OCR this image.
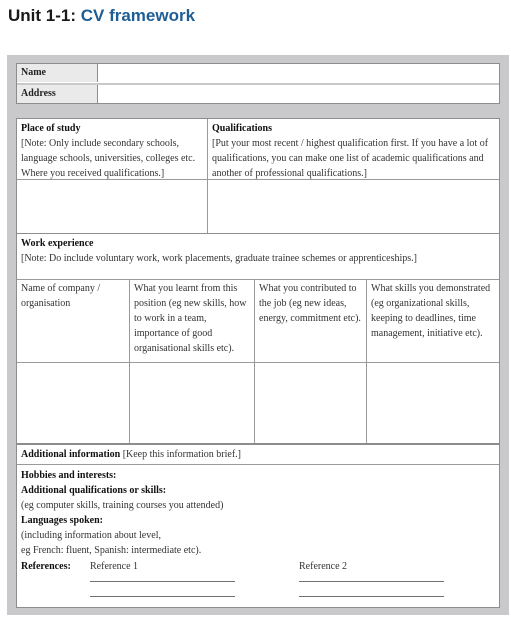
Unit 1-1: CV framework
Name
Address
Place of study
[Note: Only include secondary schools, language schools, universities, colleges etc. Where you received qualifications.]
Qualifications
[Put your most recent / highest qualification first. If you have a lot of qualifications, you can make one list of academic qualifications and another of professional qualifications.]
Work experience
[Note: Do include voluntary work, work placements, graduate trainee schemes or apprenticeships.]
Name of company / organisation
What you learnt from this position (eg new skills, how to work in a team, importance of good organisational skills etc).
What you contributed to the job (eg new ideas, energy, commitment etc).
What skills you demonstrated (eg organizational skills, keeping to deadlines, time management, initiative etc).
Additional information [Keep this information brief.]
Hobbies and interests:
Additional qualifications or skills:
(eg computer skills, training courses you attended)
Languages spoken:
(including information about level,
eg French: fluent, Spanish: intermediate etc).
References: Reference 1	Reference 2
